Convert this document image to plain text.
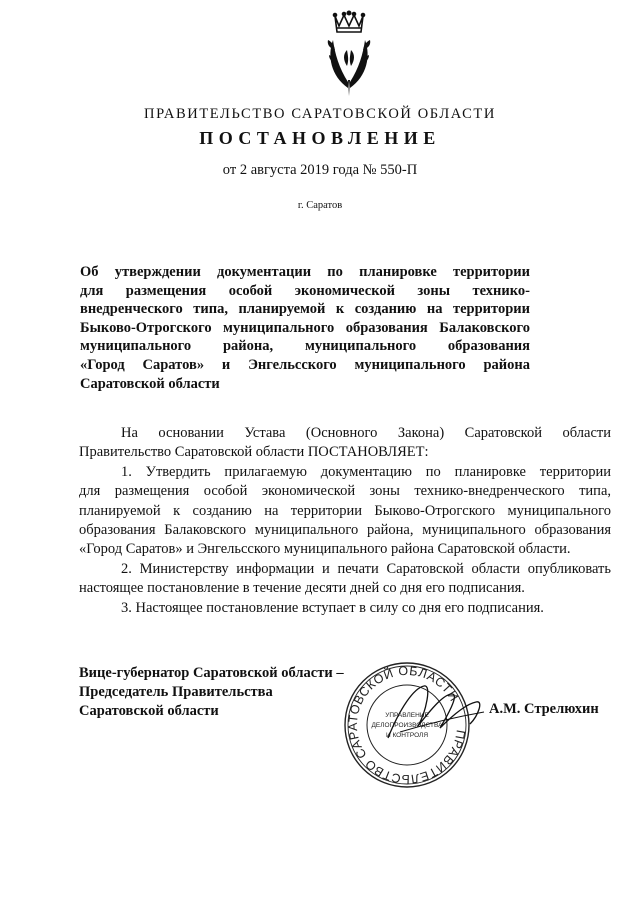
ПРАВИТЕЛЬСТВО САРАТОВСКОЙ ОБЛАСТИ
ПОСТАНОВЛЕНИЕ
от 2 августа 2019 года № 550-П
г. Саратов
Об утверждении документации по планировке территории
для размещения особой экономической зоны технико-
внедренческого типа, планируемой к созданию на территории
Быково-Отрогского муниципального образования Балаковского
муниципального района, муниципального образования
«Город Саратов» и Энгельсского муниципального района
Саратовской области
На основании Устава (Основного Закона) Саратовской области
Правительство Саратовской области ПОСТАНОВЛЯЕТ:
1. Утвердить прилагаемую документацию по планировке территории
для размещения особой экономической зоны технико-внедренческого типа,
планируемой к созданию на территории Быково-Отрогского муниципального
образования Балаковского муниципального района, муниципального образования
«Город Саратов» и Энгельсского муниципального района Саратовской области.
2. Министерству информации и печати Саратовской области опубликовать
настоящее постановление в течение десяти дней со дня его подписания.
3. Настоящее постановление вступает в силу со дня его подписания.
Вице-губернатор Саратовской области –
Председатель Правительства
Саратовской области
ПРАВИТЕЛЬСТВО САРАТОВСКОЙ ОБЛАСТИ
УПРАВЛЕНИЕ
ДЕЛОПРОИЗВОДСТВА
И КОНТРОЛЯ
А.М. Стрелюхин
